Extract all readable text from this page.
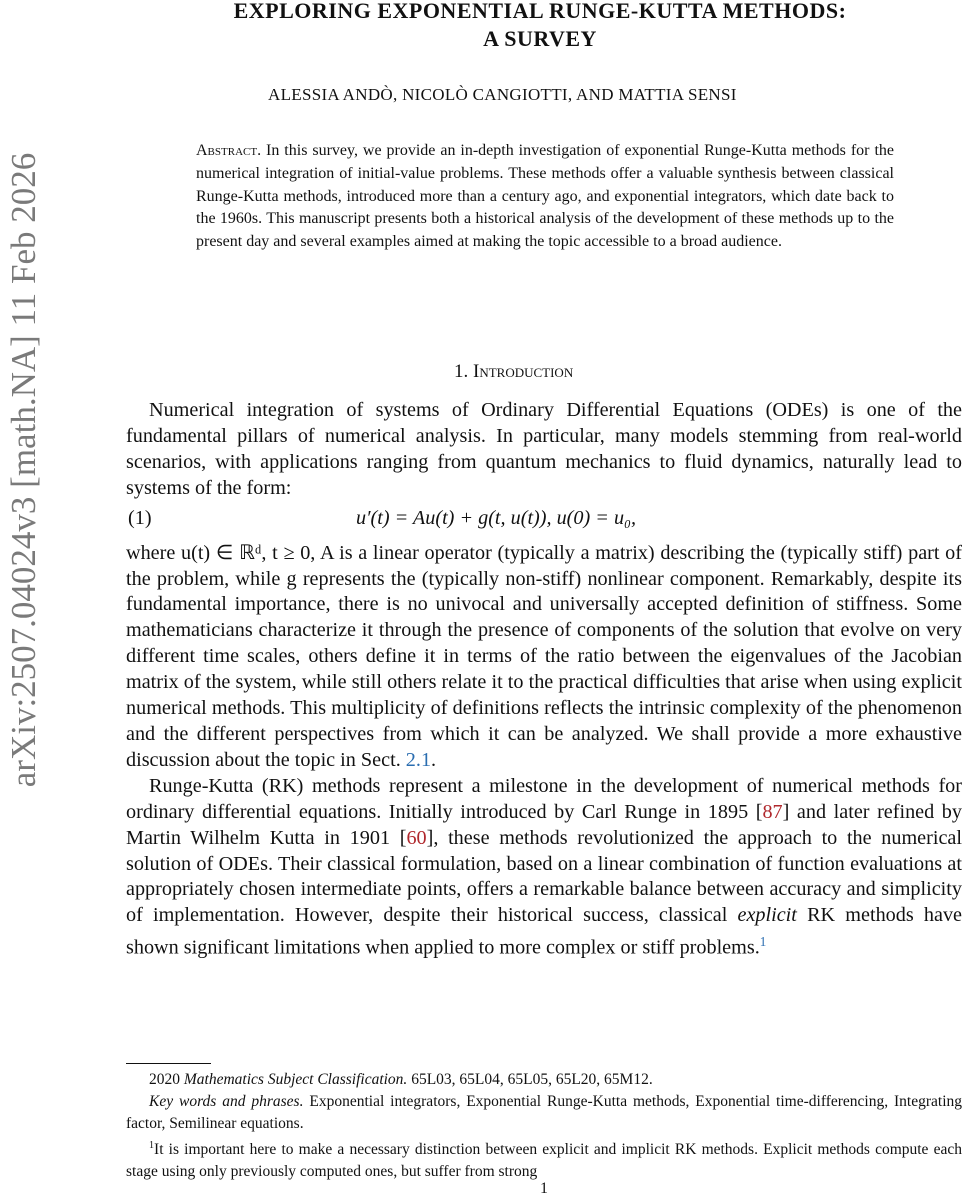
arXiv:2507.04024v3 [math.NA] 11 Feb 2026
EXPLORING EXPONENTIAL RUNGE-KUTTA METHODS:
A SURVEY
ALESSIA ANDÒ, NICOLÒ CANGIOTTI, AND MATTIA SENSI
Abstract. In this survey, we provide an in-depth investigation of exponential Runge-Kutta methods for the numerical integration of initial-value problems. These methods offer a valuable synthesis between classical Runge-Kutta methods, introduced more than a century ago, and exponential integrators, which date back to the 1960s. This manuscript presents both a historical analysis of the development of these methods up to the present day and several examples aimed at making the topic accessible to a broad audience.
1. Introduction

Numerical integration of systems of Ordinary Differential Equations (ODEs) is one of the fundamental pillars of numerical analysis. In particular, many models stemming from real-world scenarios, with applications ranging from quantum mechanics to fluid dynamics, naturally lead to systems of the form:

(1)	u′(t) = Au(t) + g(t, u(t)), u(0) = u₀,

where u(t) ∈ ℝᵈ, t ≥ 0, A is a linear operator (typically a matrix) describing the (typically stiff) part of the problem, while g represents the (typically non-stiff) nonlinear component. Remarkably, despite its fundamental importance, there is no univocal and universally accepted definition of stiffness. Some mathematicians characterize it through the presence of components of the solution that evolve on very different time scales, others define it in terms of the ratio between the eigenvalues of the Jacobian matrix of the system, while still others relate it to the practical difficulties that arise when using explicit numerical methods. This multiplicity of definitions reflects the intrinsic complexity of the phenomenon and the different perspectives from which it can be analyzed. We shall provide a more exhaustive discussion about the topic in Sect. 2.1.

Runge-Kutta (RK) methods represent a milestone in the development of numerical methods for ordinary differential equations. Initially introduced by Carl Runge in 1895 [87] and later refined by Martin Wilhelm Kutta in 1901 [60], these methods revolutionized the approach to the numerical solution of ODEs. Their classical formulation, based on a linear combination of function evaluations at appropriately chosen intermediate points, offers a remarkable balance between accuracy and simplicity of implementation. However, despite their historical success, classical explicit RK methods have shown significant limitations when applied to more complex or stiff problems.$^1$

2020 Mathematics Subject Classification. 65L03, 65L04, 65L05, 65L20, 65M12.

Key words and phrases. Exponential integrators, Exponential Runge-Kutta methods, Exponential time-differencing, Integrating factor, Semilinear equations.

$^1$It is important here to make a necessary distinction between explicit and implicit RK methods. Explicit methods compute each stage using only previously computed ones, but suffer from strong

1
